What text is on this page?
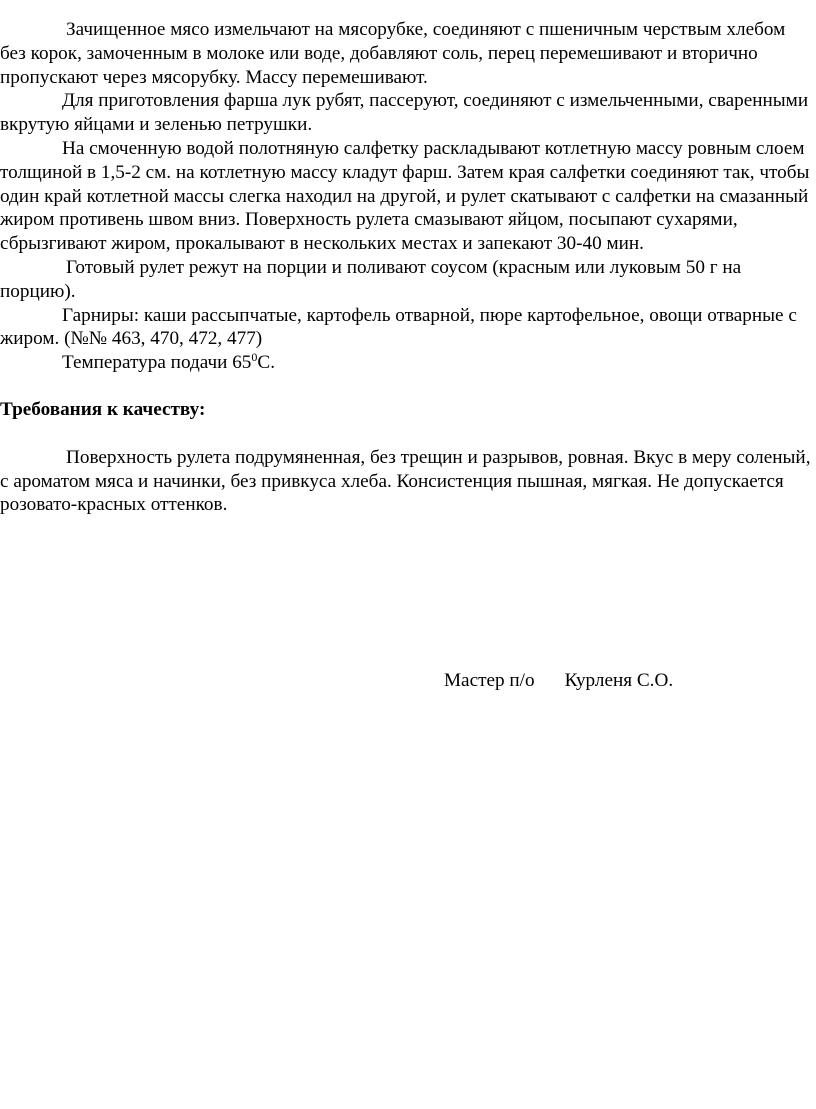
Зачищенное мясо измельчают на мясорубке, соединяют с пшеничным черствым хлебом без корок, замоченным в молоке или воде, добавляют соль, перец перемешивают и вторично пропускают через мясорубку. Массу перемешивают.

Для приготовления фарша лук рубят, пассеруют, соединяют с измельченными, сваренными вкрутую яйцами и зеленью петрушки.

На смоченную водой полотняную салфетку раскладывают котлетную массу ровным слоем толщиной в 1,5-2 см. на котлетную массу кладут фарш. Затем края салфетки соединяют так, чтобы один край котлетной массы слегка находил на другой, и рулет скатывают с салфетки на смазанный жиром противень швом вниз. Поверхность рулета смазывают яйцом, посыпают сухарями, сбрызгивают жиром, прокалывают в нескольких местах и запекают 30-40 мин.

Готовый рулет режут на порции и поливают соусом (красным или луковым 50 г на порцию).

Гарниры: каши рассыпчатые, картофель отварной, пюре картофельное, овощи отварные с жиром. (№№ 463, 470, 472, 477)

Температура подачи $65^0С$.

Требования к качеству:

Поверхность рулета подрумяненная, без трещин и разрывов, ровная. Вкус в меру соленый, с ароматом мяса и начинки, без привкуса хлеба. Консистенция пышная, мягкая. Не допускается розовато-красных оттенков.

Мастер п/о Курленя С.О.
